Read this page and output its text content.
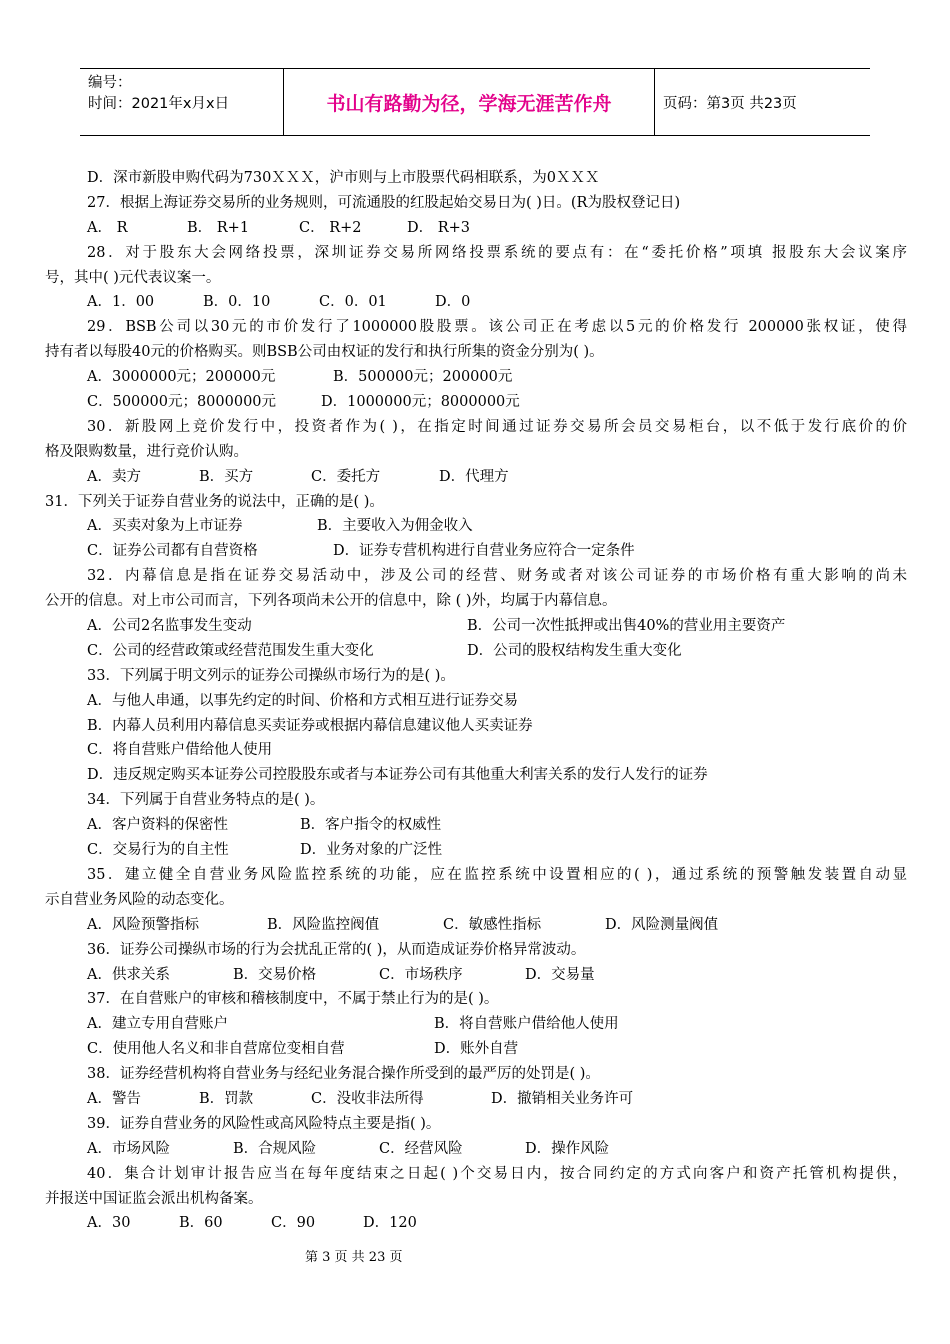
编号：
时间：2021年x月x日	书山有路勤为径，学海无涯苦作舟	页码：第3页 共23页
D．深市新股申购代码为730ＸＸＸ，沪市则与上市股票代码相联系，为0ＸＸＸ
27．根据上海证券交易所的业务规则，可流通股的红股起始交易日为( )日。(R为股权登记日)
A． R	B． R+1	C． R+2	D． R+3
28．对于股东大会网络投票，深圳证券交易所网络投票系统的要点有：在“委托价格”项填 报股东大会议案序
号，其中( )元代表议案一。
A．1．00	B．0．10	C．0．01	D．0
29．BSB公司以30元的市价发行了1000000股股票。该公司正在考虑以5元的价格发行 200000张权证，使得
持有者以每股40元的价格购买。则BSB公司由权证的发行和执行所集的资金分别为( )。
A．3000000元；200000元	B．500000元；200000元
C．500000元；8000000元	D．1000000元；8000000元
30．新股网上竞价发行中，投资者作为( )，在指定时间通过证券交易所会员交易柜台，以不低于发行底价的价
格及限购数量，进行竞价认购。
A．卖方	B．买方	C．委托方	D．代理方
31．下列关于证券自营业务的说法中，正确的是( )。
A．买卖对象为上市证券	B．主要收入为佣金收入
C．证券公司都有自营资格	D．证券专营机构进行自营业务应符合一定条件
32．内幕信息是指在证券交易活动中，涉及公司的经营、财务或者对该公司证券的市场价格有重大影响的尚未
公开的信息。对上市公司而言，下列各项尚未公开的信息中，除 ( )外，均属于内幕信息。
A．公司2名监事发生变动	B．公司一次性抵押或出售40%的营业用主要资产
C．公司的经营政策或经营范围发生重大变化	D．公司的股权结构发生重大变化
33．下列属于明文列示的证券公司操纵市场行为的是( )。
A．与他人串通，以事先约定的时间、价格和方式相互进行证券交易
B．内幕人员利用内幕信息买卖证券或根据内幕信息建议他人买卖证券
C．将自营账户借给他人使用
D．违反规定购买本证券公司控股股东或者与本证券公司有其他重大利害关系的发行人发行的证券
34．下列属于自营业务特点的是( )。
A．客户资料的保密性	B．客户指令的权威性
C．交易行为的自主性	D．业务对象的广泛性
35．建立健全自营业务风险监控系统的功能，应在监控系统中设置相应的( )，通过系统的预警触发装置自动显
示自营业务风险的动态变化。
A．风险预警指标	B．风险监控阀值	C．敏感性指标	D．风险测量阀值
36．证券公司操纵市场的行为会扰乱正常的( )，从而造成证券价格异常波动。
A．供求关系	B．交易价格	C．市场秩序	D．交易量
37．在自营账户的审核和稽核制度中，不属于禁止行为的是( )。
A．建立专用自营账户	B．将自营账户借给他人使用
C．使用他人名义和非自营席位变相自营	D．账外自营
38．证券经营机构将自营业务与经纪业务混合操作所受到的最严厉的处罚是( )。
A．警告	B．罚款	C．没收非法所得	D．撤销相关业务许可
39．证券自营业务的风险性或高风险特点主要是指( )。
A．市场风险	B．合规风险	C．经营风险	D．操作风险
40．集合计划审计报告应当在每年度结束之日起( )个交易日内，按合同约定的方式向客户和资产托管机构提供，
并报送中国证监会派出机构备案。
A．30	B．60	C．90	D．120
第 3 页 共 23 页
